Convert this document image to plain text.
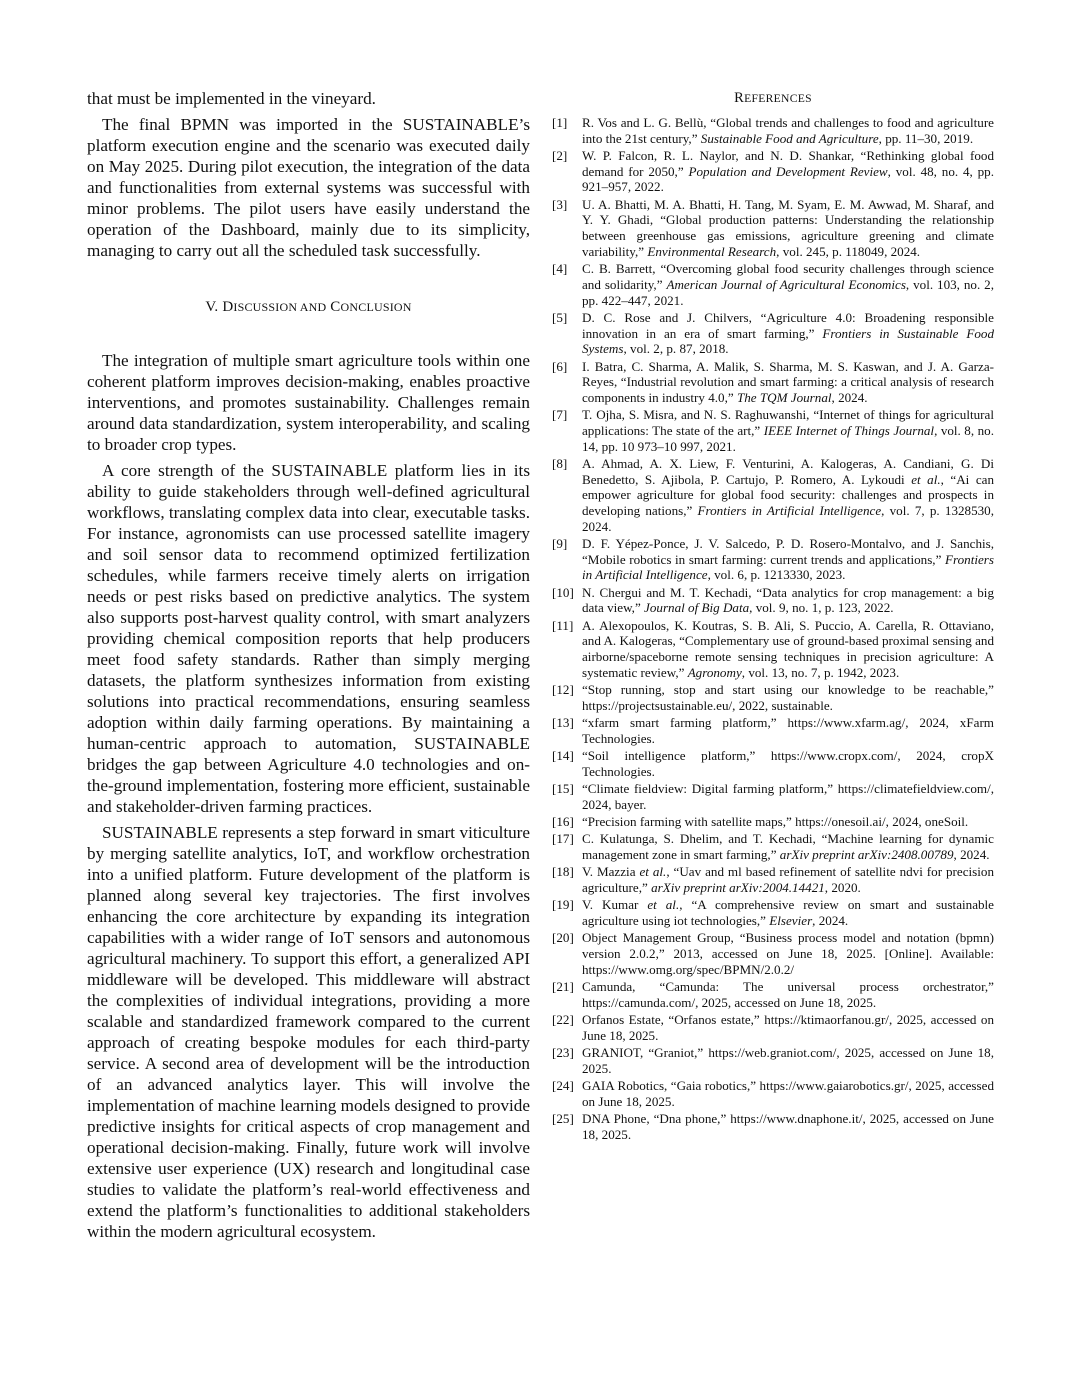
that must be implemented in the vineyard.

The final BPMN was imported in the SUSTAINABLE’s platform execution engine and the scenario was executed daily on May 2025. During pilot execution, the integration of the data and functionalities from external systems was successful with minor problems. The pilot users have easily understand the operation of the Dashboard, mainly due to its simplicity, managing to carry out all the scheduled task successfully.

V. DISCUSSION AND CONCLUSION

The integration of multiple smart agriculture tools within one coherent platform improves decision-making, enables proactive interventions, and promotes sustainability. Challenges remain around data standardization, system interoperability, and scaling to broader crop types.

A core strength of the SUSTAINABLE platform lies in its ability to guide stakeholders through well-defined agricultural workflows, translating complex data into clear, executable tasks. For instance, agronomists can use processed satellite imagery and soil sensor data to recommend optimized fertilization schedules, while farmers receive timely alerts on irrigation needs or pest risks based on predictive analytics. The system also supports post-harvest quality control, with smart analyzers providing chemical composition reports that help producers meet food safety standards. Rather than simply merging datasets, the platform synthesizes information from existing solutions into practical recommendations, ensuring seamless adoption within daily farming operations. By maintaining a human-centric approach to automation, SUSTAINABLE bridges the gap between Agriculture 4.0 technologies and on-the-ground implementation, fostering more efficient, sustainable and stakeholder-driven farming practices.

SUSTAINABLE represents a step forward in smart viticulture by merging satellite analytics, IoT, and workflow orchestration into a unified platform. Future development of the platform is planned along several key trajectories. The first involves enhancing the core architecture by expanding its integration capabilities with a wider range of IoT sensors and autonomous agricultural machinery. To support this effort, a generalized API middleware will be developed. This middleware will abstract the complexities of individual integrations, providing a more scalable and standardized framework compared to the current approach of creating bespoke modules for each third-party service. A second area of development will be the introduction of an advanced analytics layer. This will involve the implementation of machine learning models designed to provide predictive insights for critical aspects of crop management and operational decision-making. Finally, future work will involve extensive user experience (UX) research and longitudinal case studies to validate the platform’s real-world effectiveness and extend the platform’s functionalities to additional stakeholders within the modern agricultural ecosystem.

REFERENCES
[1]	R. Vos and L. G. Bellù, “Global trends and challenges to food and agriculture into the 21st century,” Sustainable Food and Agriculture, pp. 11–30, 2019.
[2]	W. P. Falcon, R. L. Naylor, and N. D. Shankar, “Rethinking global food demand for 2050,” Population and Development Review, vol. 48, no. 4, pp. 921–957, 2022.
[3]	U. A. Bhatti, M. A. Bhatti, H. Tang, M. Syam, E. M. Awwad, M. Sharaf, and Y. Y. Ghadi, “Global production patterns: Understanding the relationship between greenhouse gas emissions, agriculture greening and climate variability,” Environmental Research, vol. 245, p. 118049, 2024.
[4]	C. B. Barrett, “Overcoming global food security challenges through science and solidarity,” American Journal of Agricultural Economics, vol. 103, no. 2, pp. 422–447, 2021.
[5]	D. C. Rose and J. Chilvers, “Agriculture 4.0: Broadening responsible innovation in an era of smart farming,” Frontiers in Sustainable Food Systems, vol. 2, p. 87, 2018.
[6]	I. Batra, C. Sharma, A. Malik, S. Sharma, M. S. Kaswan, and J. A. Garza-Reyes, “Industrial revolution and smart farming: a critical analysis of research components in industry 4.0,” The TQM Journal, 2024.
[7]	T. Ojha, S. Misra, and N. S. Raghuwanshi, “Internet of things for agricultural applications: The state of the art,” IEEE Internet of Things Journal, vol. 8, no. 14, pp. 10 973–10 997, 2021.
[8]	A. Ahmad, A. X. Liew, F. Venturini, A. Kalogeras, A. Candiani, G. Di Benedetto, S. Ajibola, P. Cartujo, P. Romero, A. Lykoudi et al., “Ai can empower agriculture for global food security: challenges and prospects in developing nations,” Frontiers in Artificial Intelligence, vol. 7, p. 1328530, 2024.
[9]	D. F. Yépez-Ponce, J. V. Salcedo, P. D. Rosero-Montalvo, and J. Sanchis, “Mobile robotics in smart farming: current trends and applications,” Frontiers in Artificial Intelligence, vol. 6, p. 1213330, 2023.
[10] N. Chergui and M. T. Kechadi, “Data analytics for crop management: a big data view,” Journal of Big Data, vol. 9, no. 1, p. 123, 2022.
[11] A. Alexopoulos, K. Koutras, S. B. Ali, S. Puccio, A. Carella, R. Ottaviano, and A. Kalogeras, “Complementary use of ground-based proximal sensing and airborne/spaceborne remote sensing techniques in precision agriculture: A systematic review,” Agronomy, vol. 13, no. 7, p. 1942, 2023.
[12] “Stop running, stop and start using our knowledge to be reachable,” https://projectsustainable.eu/, 2022, sustainable.
[13] “xfarm smart farming platform,” https://www.xfarm.ag/, 2024, xFarm Technologies.
[14] “Soil intelligence platform,” https://www.cropx.com/, 2024, cropX Technologies.
[15] “Climate fieldview: Digital farming platform,” https://climatefieldview.com/, 2024, bayer.
[16] “Precision farming with satellite maps,” https://onesoil.ai/, 2024, oneSoil.
[17] C. Kulatunga, S. Dhelim, and T. Kechadi, “Machine learning for dynamic management zone in smart farming,” arXiv preprint arXiv:2408.00789, 2024.
[18] V. Mazzia et al., “Uav and ml based refinement of satellite ndvi for precision agriculture,” arXiv preprint arXiv:2004.14421, 2020.
[19] V. Kumar et al., “A comprehensive review on smart and sustainable agriculture using iot technologies,” Elsevier, 2024.
[20] Object Management Group, “Business process model and notation (bpmn) version 2.0.2,” 2013, accessed on June 18, 2025. [Online]. Available: https://www.omg.org/spec/BPMN/2.0.2/
[21] Camunda, “Camunda: The universal process orchestrator,” https://camunda.com/, 2025, accessed on June 18, 2025.
[22] Orfanos Estate, “Orfanos estate,” https://ktimaorfanou.gr/, 2025, accessed on June 18, 2025.
[23] GRANIOT, “Graniot,” https://web.graniot.com/, 2025, accessed on June 18, 2025.
[24] GAIA Robotics, “Gaia robotics,” https://www.gaiarobotics.gr/, 2025, accessed on June 18, 2025.
[25] DNA Phone, “Dna phone,” https://www.dnaphone.it/, 2025, accessed on June 18, 2025.
